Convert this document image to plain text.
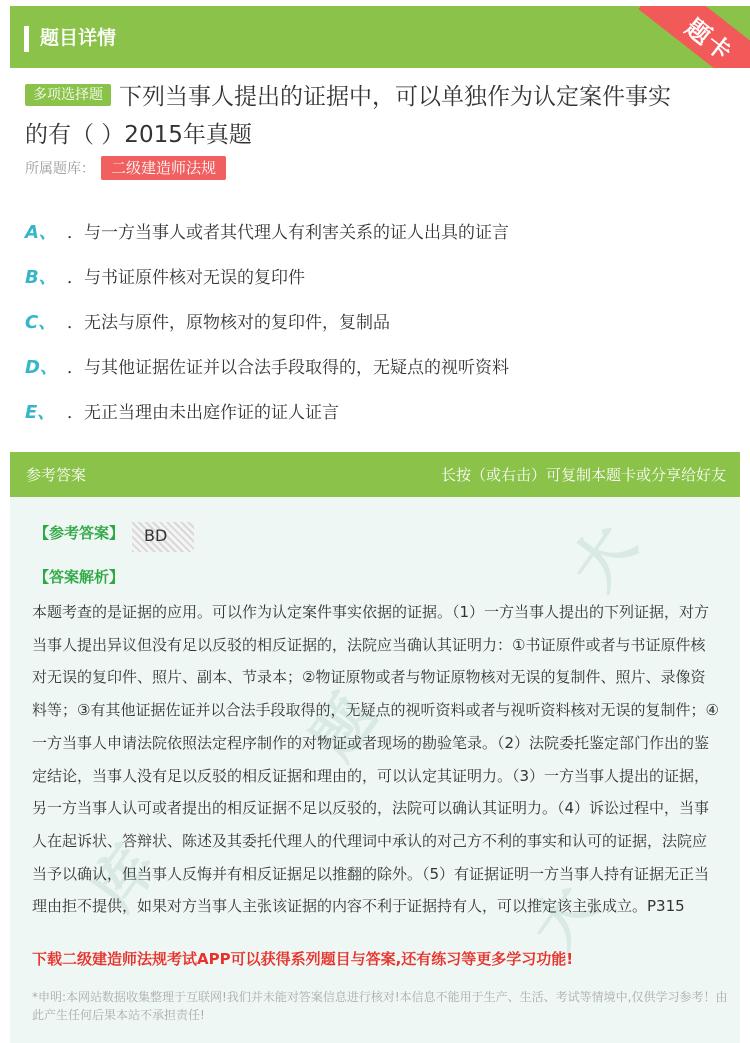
题目详情	题卡
多项选择题 下列当事人提出的证据中，可以单独作为认定案件事实
的有（ ）2015年真题
所属题库：	二级建造师法规
A、 ．与一方当事人或者其代理人有利害关系的证人出具的证言
B、 ．与书证原件核对无误的复印件
C、 ．无法与原件，原物核对的复印件，复制品
D、 ．与其他证据佐证并以合法手段取得的，无疑点的视听资料
E、 ．无正当理由未出庭作证的证人证言
参考答案	长按（或右击）可复制本题卡或分享给好友
大
题
库	大
【参考答案】	BD
【答案解析】
本题考查的是证据的应用。可以作为认定案件事实依据的证据。（1）一方当事人提出的下列证据，对方当事人提出异议但没有足以反驳的相反证据的，法院应当确认其证明力：①书证原件或者与书证原件核对无误的复印件、照片、副本、节录本；②物证原物或者与物证原物核对无误的复制件、照片、录像资料等；③有其他证据佐证并以合法手段取得的，无疑点的视听资料或者与视听资料核对无误的复制件；④一方当事人申请法院依照法定程序制作的对物证或者现场的勘验笔录。（2）法院委托鉴定部门作出的鉴定结论，当事人没有足以反驳的相反证据和理由的，可以认定其证明力。（3）一方当事人提出的证据，另一方当事人认可或者提出的相反证据不足以反驳的，法院可以确认其证明力。（4）诉讼过程中，当事人在起诉状、答辩状、陈述及其委托代理人的代理词中承认的对己方不利的事实和认可的证据，法院应当予以确认，但当事人反悔并有相反证据足以推翻的除外。（5）有证据证明一方当事人持有证据无正当理由拒不提供，如果对方当事人主张该证据的内容不利于证据持有人，可以推定该主张成立。P315
下载二级建造师法规考试APP可以获得系列题目与答案,还有练习等更多学习功能!
*申明:本网站数据收集整理于互联网!我们并未能对答案信息进行核对!本信息不能用于生产、生活、考试等情境中,仅供学习参考！由此产生任何后果本站不承担责任!
